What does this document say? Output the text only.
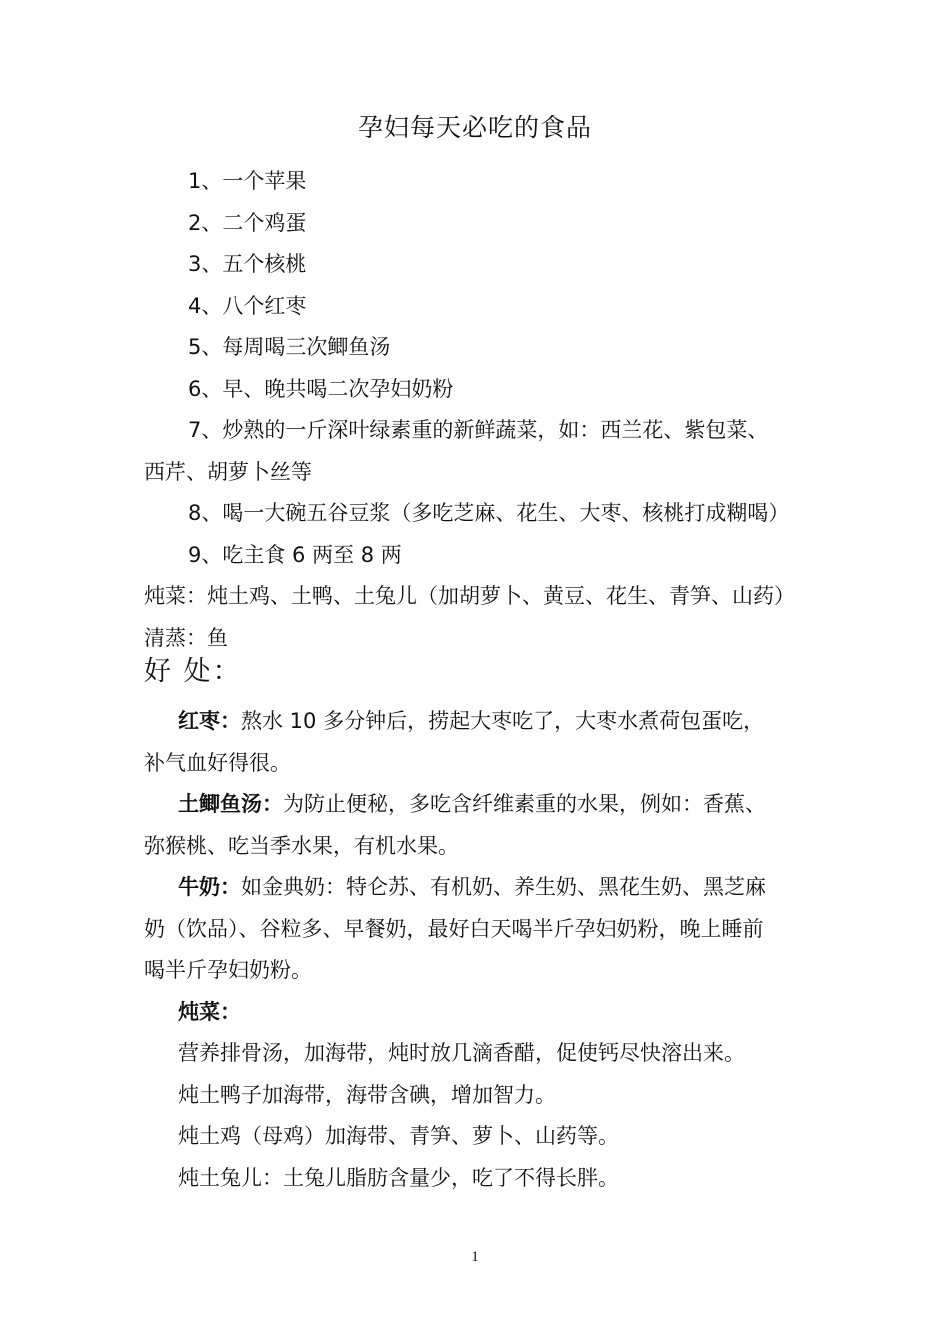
孕妇每天必吃的食品
1、一个苹果
2、二个鸡蛋
3、五个核桃
4、八个红枣
5、每周喝三次鲫鱼汤
6、早、晚共喝二次孕妇奶粉
7、炒熟的一斤深叶绿素重的新鲜蔬菜，如：西兰花、紫包菜、
西芹、胡萝卜丝等
8、喝一大碗五谷豆浆（多吃芝麻、花生、大枣、核桃打成糊喝）
9、吃主食 6 两至 8 两
炖菜：炖土鸡、土鸭、土兔儿（加胡萝卜、黄豆、花生、青笋、山药）
清蒸：鱼
好 处：
红枣：熬水 10 多分钟后，捞起大枣吃了，大枣水煮荷包蛋吃，
补气血好得很。
土鲫鱼汤：为防止便秘，多吃含纤维素重的水果，例如：香蕉、
弥猴桃、吃当季水果，有机水果。
牛奶：如金典奶：特仑苏、有机奶、养生奶、黑花生奶、黑芝麻
奶（饮品）、谷粒多、早餐奶，最好白天喝半斤孕妇奶粉，晚上睡前
喝半斤孕妇奶粉。
炖菜：
营养排骨汤，加海带，炖时放几滴香醋，促使钙尽快溶出来。
炖土鸭子加海带，海带含碘，增加智力。
炖土鸡（母鸡）加海带、青笋、萝卜、山药等。
炖土兔儿：土兔儿脂肪含量少，吃了不得长胖。
1
